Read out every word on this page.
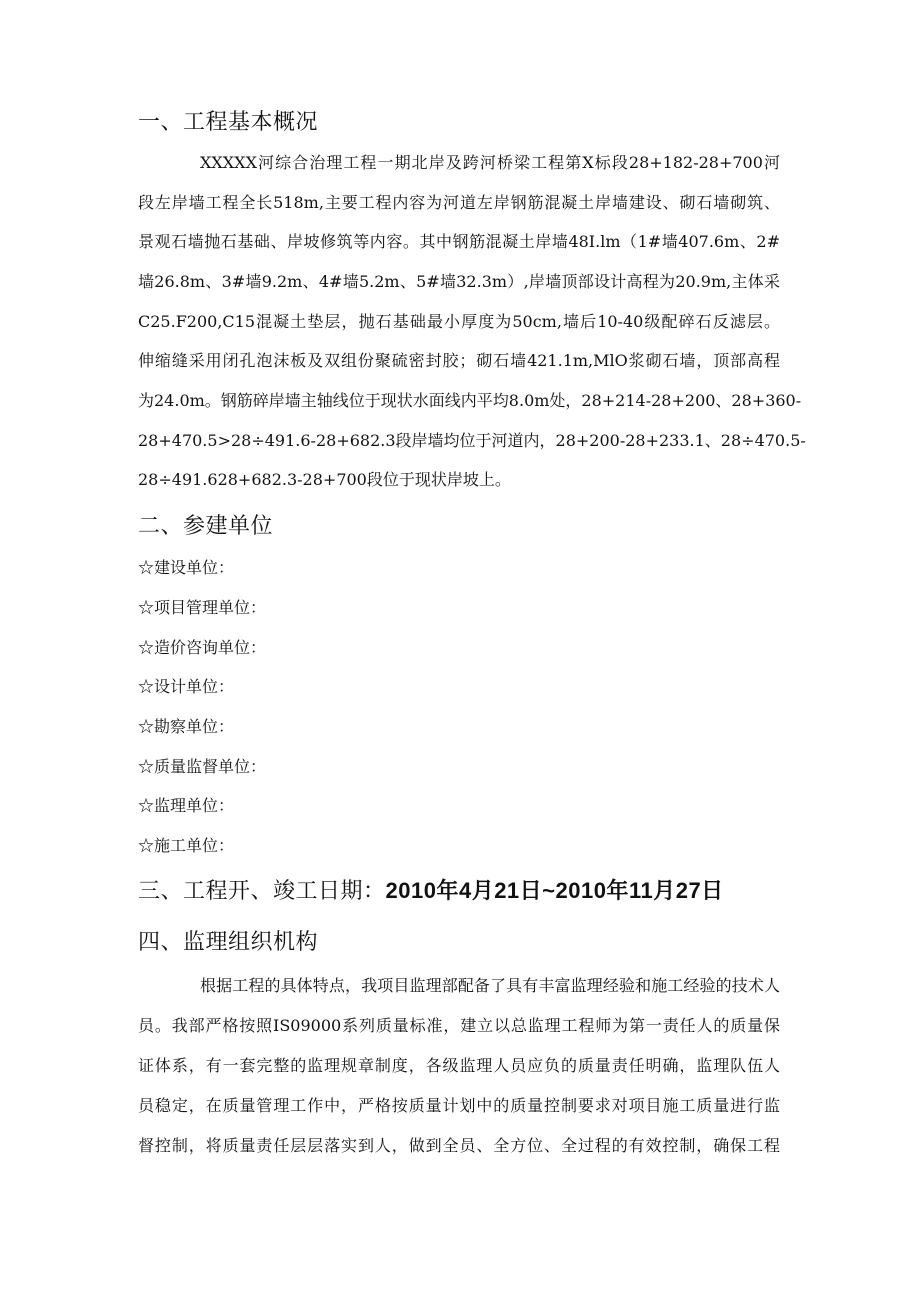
一、工程基本概况
XXXXX河综合治理工程一期北岸及跨河桥梁工程第X标段28+182-28+700河
段左岸墙工程全长518m,主要工程内容为河道左岸钢筋混凝土岸墙建设、砌石墙砌筑、
景观石墙抛石基础、岸坡修筑等内容。其中钢筋混凝土岸墙48I.lm（1#墙407.6m、2#
墙26.8m、3#墙9.2m、4#墙5.2m、5#墙32.3m）,岸墙顶部设计高程为20.9m,主体采
C25.F200,C15混凝土垫层，抛石基础最小厚度为50cm,墙后10-40级配碎石反滤层。
伸缩缝采用闭孔泡沫板及双组份聚硫密封胶；砌石墙421.1m,MlO浆砌石墙，顶部高程
为24.0m。钢筋碎岸墙主轴线位于现状水面线内平均8.0m处，28+214-28+200、28+360-
28+470.5>28÷491.6-28+682.3段岸墙均位于河道内，28+200-28+233.1、28÷470.5-
28÷491.628+682.3-28+700段位于现状岸坡上。
二、参建单位
☆建设单位：
☆项目管理单位：
☆造价咨询单位：
☆设计单位：
☆勘察单位：
☆质量监督单位：
☆监理单位：
☆施工单位：
三、工程开、竣工日期：2010年4月21日~2010年11月27日
四、监理组织机构
根据工程的具体特点，我项目监理部配备了具有丰富监理经验和施工经验的技术人
员。我部严格按照IS09000系列质量标准，建立以总监理工程师为第一责任人的质量保
证体系，有一套完整的监理规章制度，各级监理人员应负的质量责任明确，监理队伍人
员稳定，在质量管理工作中，严格按质量计划中的质量控制要求对项目施工质量进行监
督控制，将质量责任层层落实到人，做到全员、全方位、全过程的有效控制，确保工程
